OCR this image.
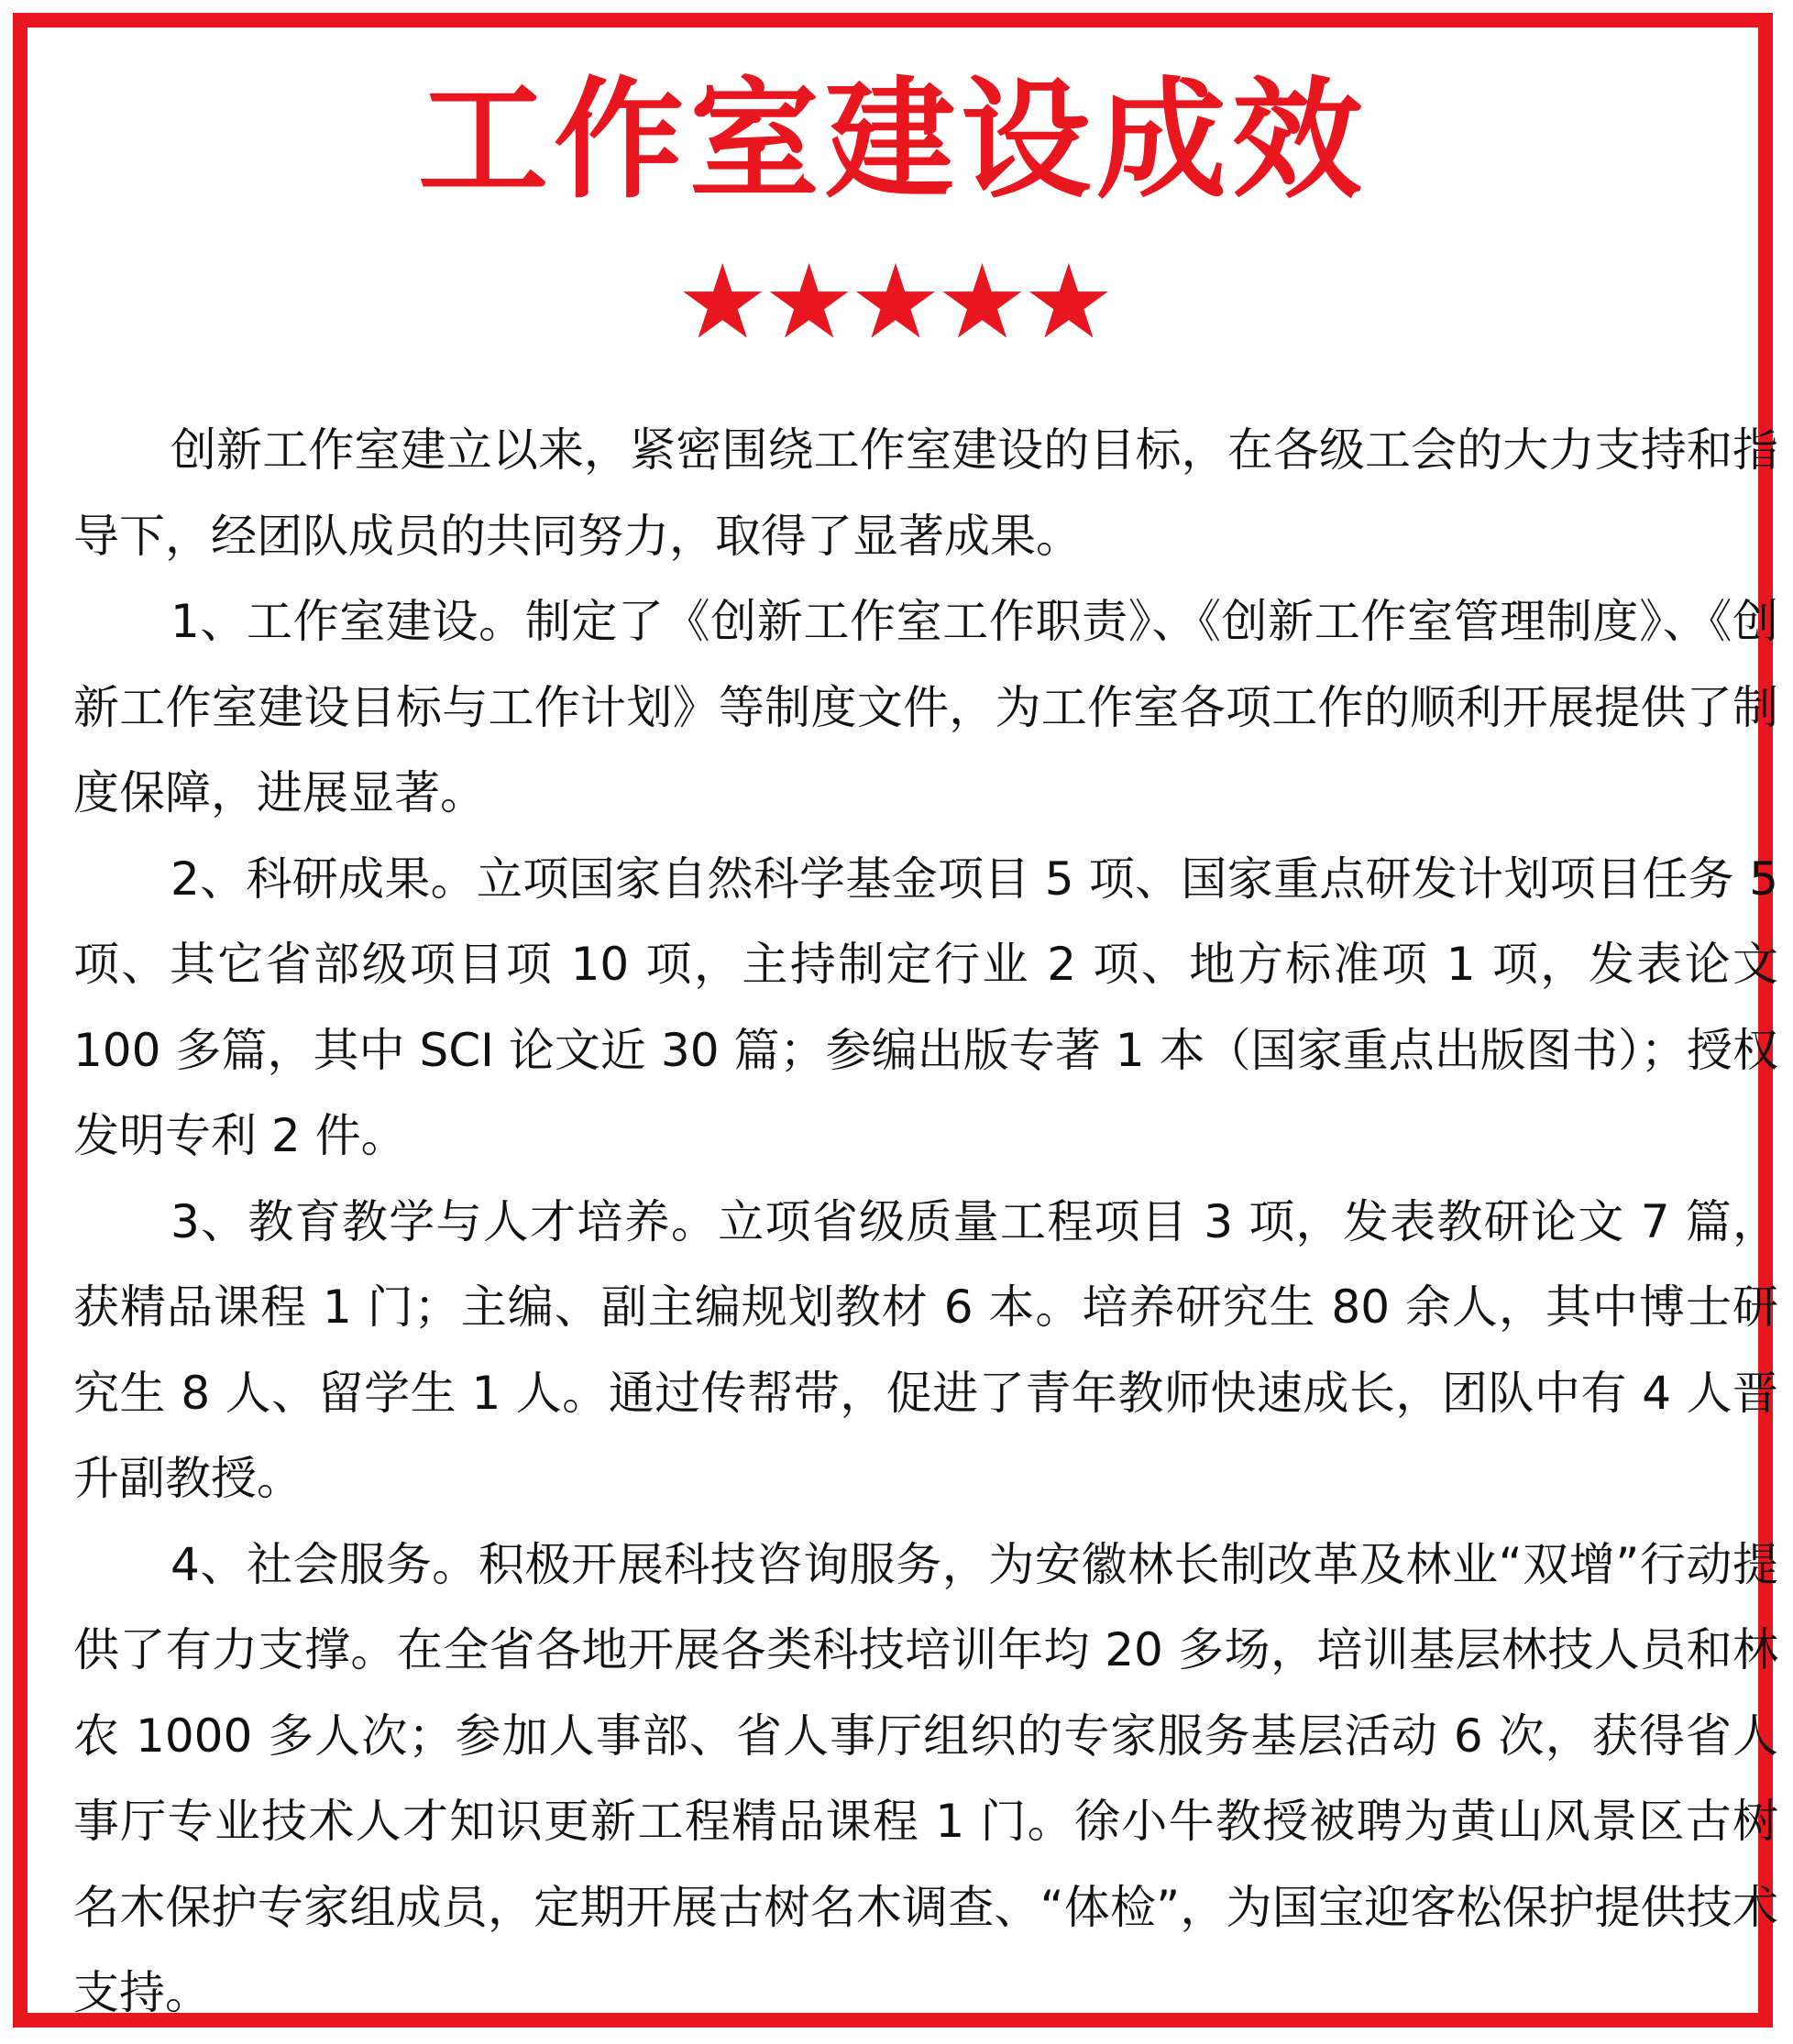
工作室建设成效
★★★★★

创新工作室建立以来，紧密围绕工作室建设的目标，在各级工会的大力支持和指导下，经团队成员的共同努力，取得了显著成果。

1、工作室建设。制定了《创新工作室工作职责》、《创新工作室管理制度》、《创新工作室建设目标与工作计划》等制度文件，为工作室各项工作的顺利开展提供了制度保障，进展显著。

2、科研成果。立项国家自然科学基金项目 5 项、国家重点研发计划项目任务 5 项、其它省部级项目项 10 项，主持制定行业 2 项、地方标准项 1 项，发表论文 100 多篇，其中 SCI 论文近 30 篇；参编出版专著 1 本（国家重点出版图书）；授权发明专利 2 件。

3、教育教学与人才培养。立项省级质量工程项目 3 项，发表教研论文 7 篇，获精品课程 1 门；主编、副主编规划教材 6 本。培养研究生 80 余人，其中博士研究生 8 人、留学生 1 人。通过传帮带，促进了青年教师快速成长，团队中有 4 人晋升副教授。

4、社会服务。积极开展科技咨询服务，为安徽林长制改革及林业“双增”行动提供了有力支撑。在全省各地开展各类科技培训年均 20 多场，培训基层林技人员和林农 1000 多人次；参加人事部、省人事厅组织的专家服务基层活动 6 次，获得省人事厅专业技术人才知识更新工程精品课程 1 门。徐小牛教授被聘为黄山风景区古树名木保护专家组成员，定期开展古树名木调查、“体检”，为国宝迎客松保护提供技术支持。
